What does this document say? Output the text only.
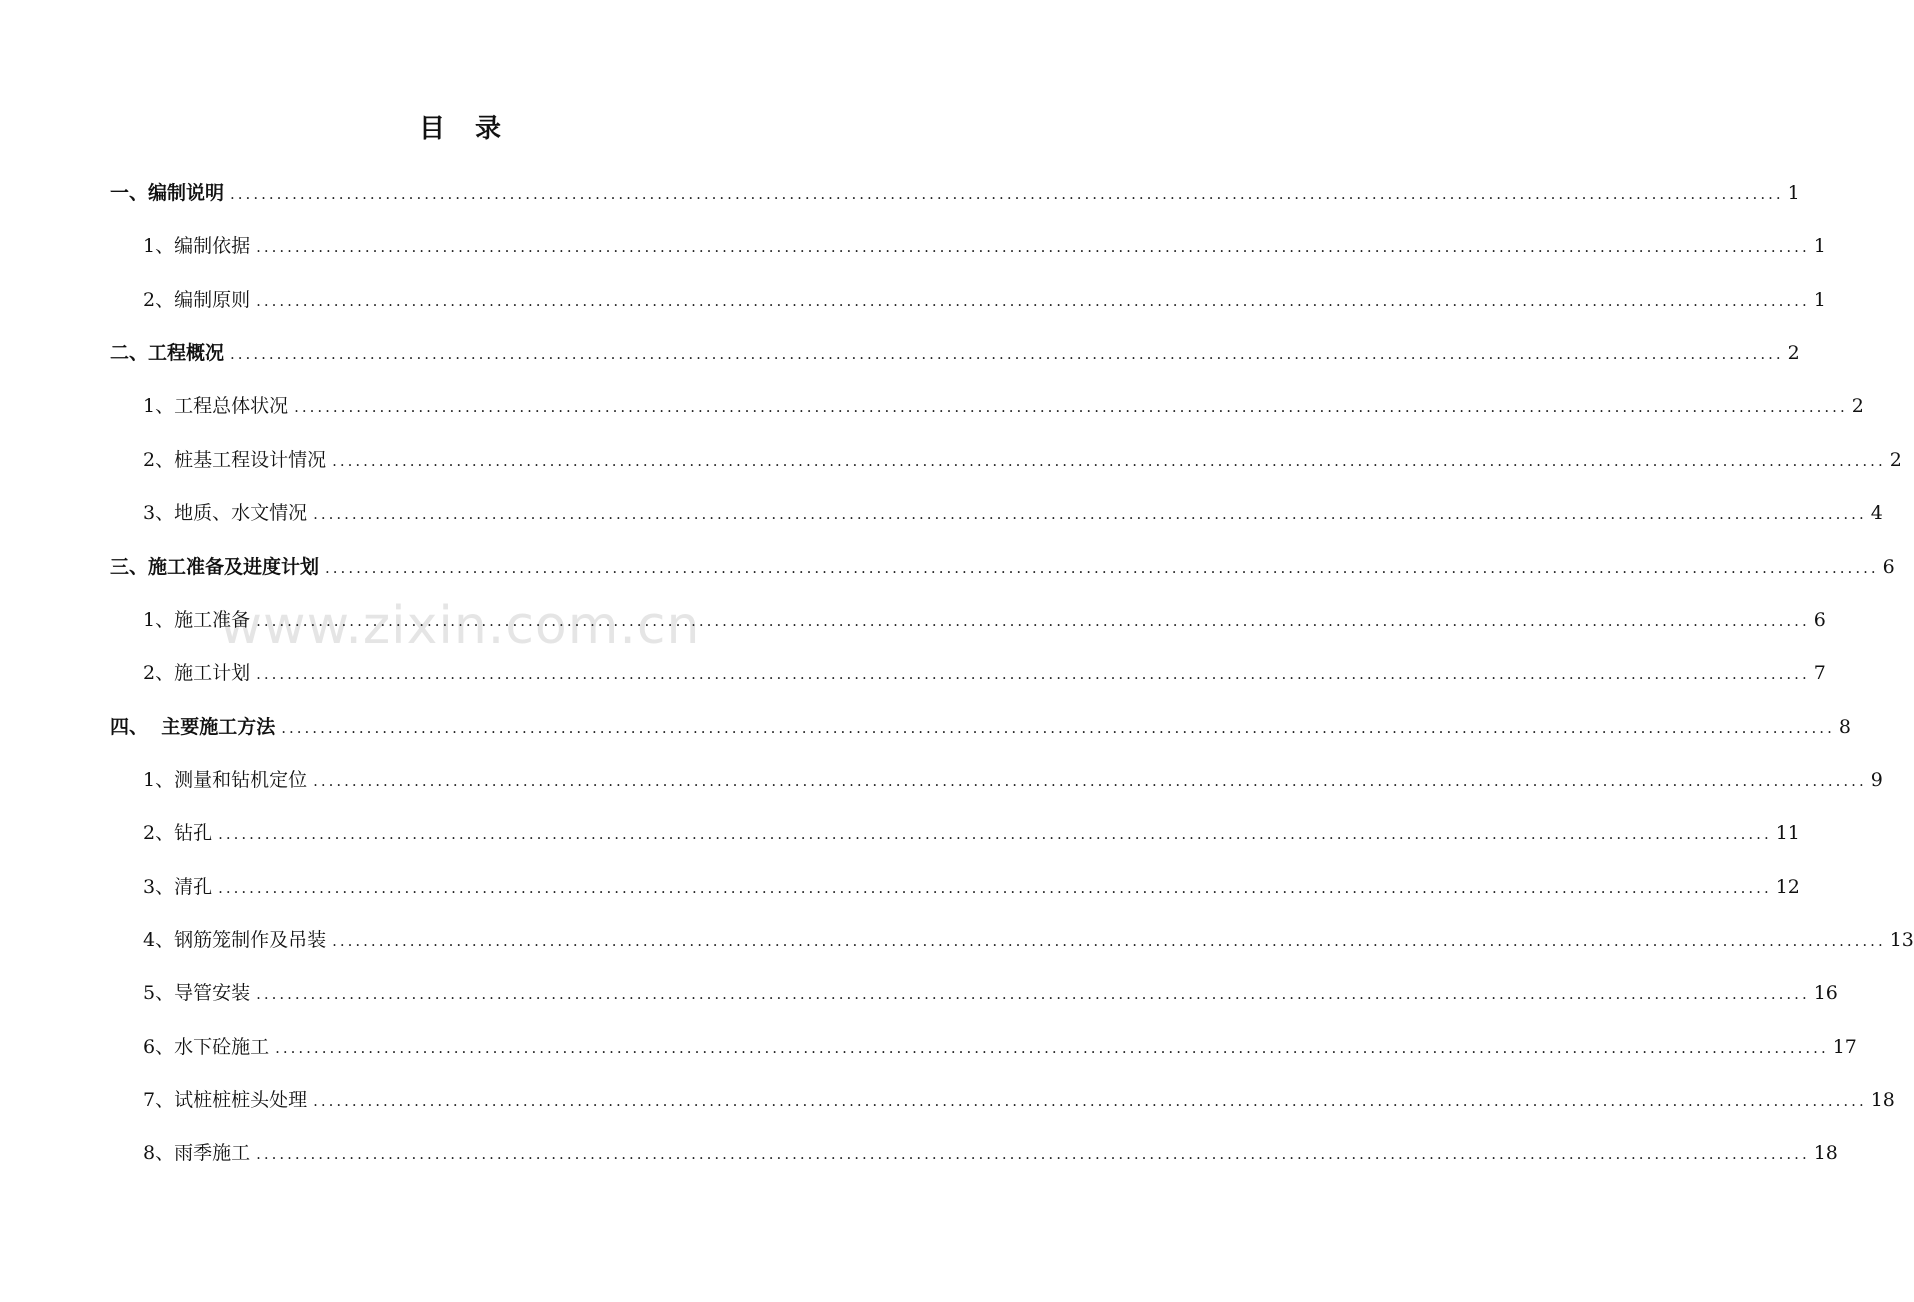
目 录
www.zixin.com.cn
一、编制说明 ........................................................................................................................................................................................................ 1
1、编制依据 ........................................................................................................................................................................................................ 1
2、编制原则 ........................................................................................................................................................................................................ 1
二、工程概况 ........................................................................................................................................................................................................ 2
1、工程总体状况 ........................................................................................................................................................................................................ 2
2、桩基工程设计情况 ........................................................................................................................................................................................................ 2
3、地质、水文情况 ........................................................................................................................................................................................................ 4
三、施工准备及进度计划 ........................................................................................................................................................................................................ 6
1、施工准备 ........................................................................................................................................................................................................ 6
2、施工计划 ........................................................................................................................................................................................................ 7
四、  主要施工方法 ........................................................................................................................................................................................................ 8
1、测量和钻机定位 ........................................................................................................................................................................................................ 9
2、钻孔 ........................................................................................................................................................................................................ 11
3、清孔 ........................................................................................................................................................................................................ 12
4、钢筋笼制作及吊装 ........................................................................................................................................................................................................ 13
5、导管安装 ........................................................................................................................................................................................................ 16
6、水下砼施工 ........................................................................................................................................................................................................ 17
7、试桩桩桩头处理 ........................................................................................................................................................................................................ 18
8、雨季施工 ........................................................................................................................................................................................................ 18
